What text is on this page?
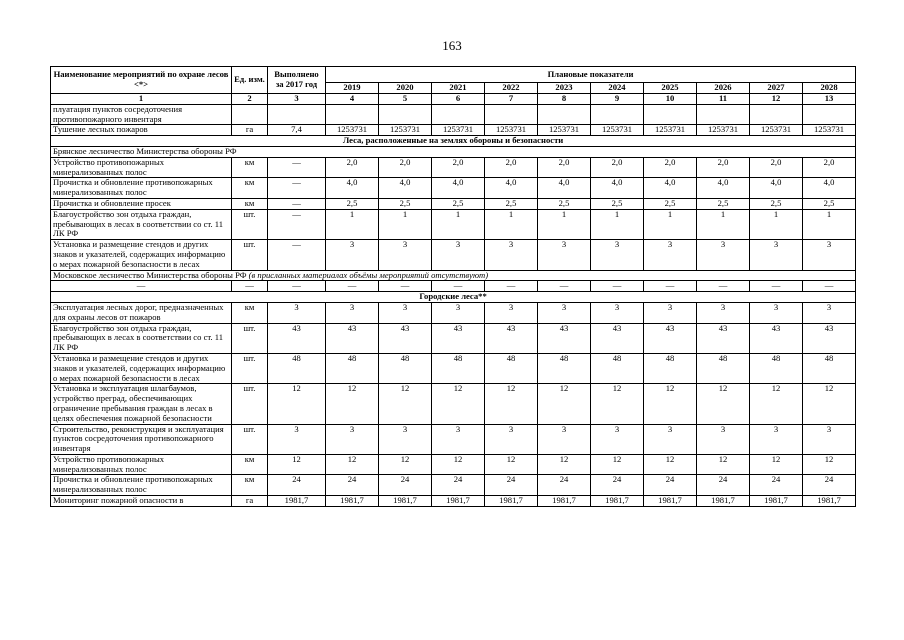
163
Наименование мероприятий по охране лесов <*>	Ед. изм.	Выполнено за 2017 год	Плановые показатели									
			2019	2020	2021	2022	2023	2024	2025	2026	2027	2028
1	2	3	4	5	6	7	8	9	10	11	12	13
плуатация пунктов сосредоточения противопожарного инвентаря												
Тушение лесных пожаров	га	7,4	1253731	1253731	1253731	1253731	1253731	1253731	1253731	1253731	1253731	1253731
Леса, расположенные на землях обороны и безопасности												
Брянское лесничество Министерства обороны РФ												
Устройство противопожарных минерализованных полос	км	—	2,0	2,0	2,0	2,0	2,0	2,0	2,0	2,0	2,0	2,0
Прочистка и обновление противопожарных минерализованных полос	км	—	4,0	4,0	4,0	4,0	4,0	4,0	4,0	4,0	4,0	4,0
Прочистка и обновление просек	км	—	2,5	2,5	2,5	2,5	2,5	2,5	2,5	2,5	2,5	2,5
Благоустройство зон отдыха граждан, пребывающих в лесах в соответствии со ст. 11 ЛК РФ	шт.	—	1	1	1	1	1	1	1	1	1	1
Установка и размещение стендов и других знаков и указателей, содержащих информацию о мерах пожарной безопасности в лесах	шт.	—	3	3	3	3	3	3	3	3	3	3
Московское лесничество Министерства обороны РФ (в присланных материалах объёмы мероприятий отсутствуют)												
—	—	—	—	—	—	—	—	—	—	—	—	—
Городские леса**												
Эксплуатация лесных дорог, предназначенных для охраны лесов от пожаров	км	3	3	3	3	3	3	3	3	3	3	3
Благоустройство зон отдыха граждан, пребывающих в лесах в соответствии со ст. 11 ЛК РФ	шт.	43	43	43	43	43	43	43	43	43	43	43
Установка и размещение стендов и других знаков и указателей, содержащих информацию о мерах пожарной безопасности в лесах	шт.	48	48	48	48	48	48	48	48	48	48	48
Установка и эксплуатация шлагбаумов, устройство преград, обеспечивающих ограничение пребывания граждан в лесах в целях обеспечения пожарной безопасности	шт.	12	12	12	12	12	12	12	12	12	12	12
Строительство, реконструкция и эксплуатация пунктов сосредоточения противопожарного инвентаря	шт.	3	3	3	3	3	3	3	3	3	3	3
Устройство противопожарных минерализованных полос	км	12	12	12	12	12	12	12	12	12	12	12
Прочистка и обновление противопожарных минерализованных полос	км	24	24	24	24	24	24	24	24	24	24	24
Мониторинг пожарной опасности в	га	1981,7	1981,7	1981,7	1981,7	1981,7	1981,7	1981,7	1981,7	1981,7	1981,7	1981,7
